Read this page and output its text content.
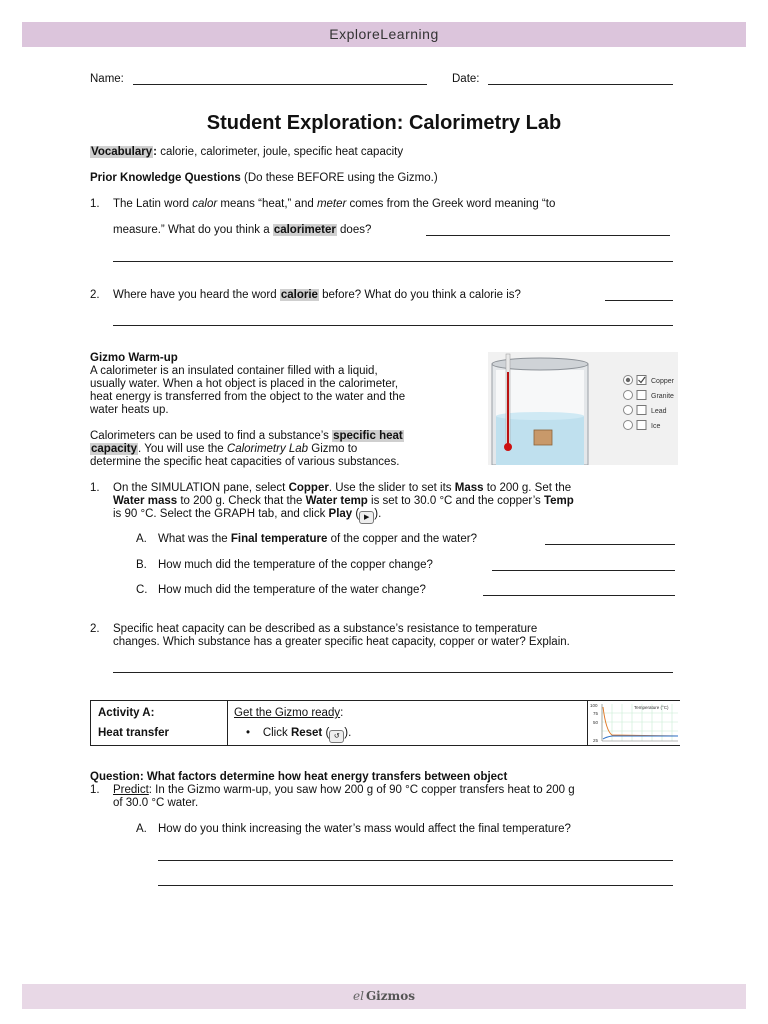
ExploreLearning
Name:	Date:
Student Exploration: Calorimetry Lab
Vocabulary: calorie, calorimeter, joule, specific heat capacity
Prior Knowledge Questions (Do these BEFORE using the Gizmo.)
1. The Latin word calor means “heat,” and meter comes from the Greek word meaning “to
measure.” What do you think a calorimeter does?
2. Where have you heard the word calorie before? What do you think a calorie is?
Gizmo Warm-up
A calorimeter is an insulated container filled with a liquid,
usually water. When a hot object is placed in the calorimeter,
heat energy is transferred from the object to the water and the
water heats up.
Calorimeters can be used to find a substance’s specific heat
capacity. You will use the Calorimetry Lab Gizmo to
determine the specific heat capacities of various substances.
Copper
Granite
Lead
Ice
1. On the SIMULATION pane, select Copper. Use the slider to set its Mass to 200 g. Set the
Water mass to 200 g. Check that the Water temp is set to 30.0 °C and the copper’s Temp
is 90 °C. Select the GRAPH tab, and click Play ( ▶ ).
A. What was the Final temperature of the copper and the water?
B. How much did the temperature of the copper change?
C. How much did the temperature of the water change?
2. Specific heat capacity can be described as a substance’s resistance to temperature
changes. Which substance has a greater specific heat capacity, copper or water? Explain.
Activity A:
Heat transfer
Get the Gizmo ready:
• Click Reset ( ↺ ).
100
75
50
25
Temperature (°C)
Question: What factors determine how heat energy transfers between object
1. Predict: In the Gizmo warm-up, you saw how 200 g of 90 °C copper transfers heat to 200 g
of 30.0 °C water.
A. How do you think increasing the water’s mass would affect the final temperature?
el Gizmos
